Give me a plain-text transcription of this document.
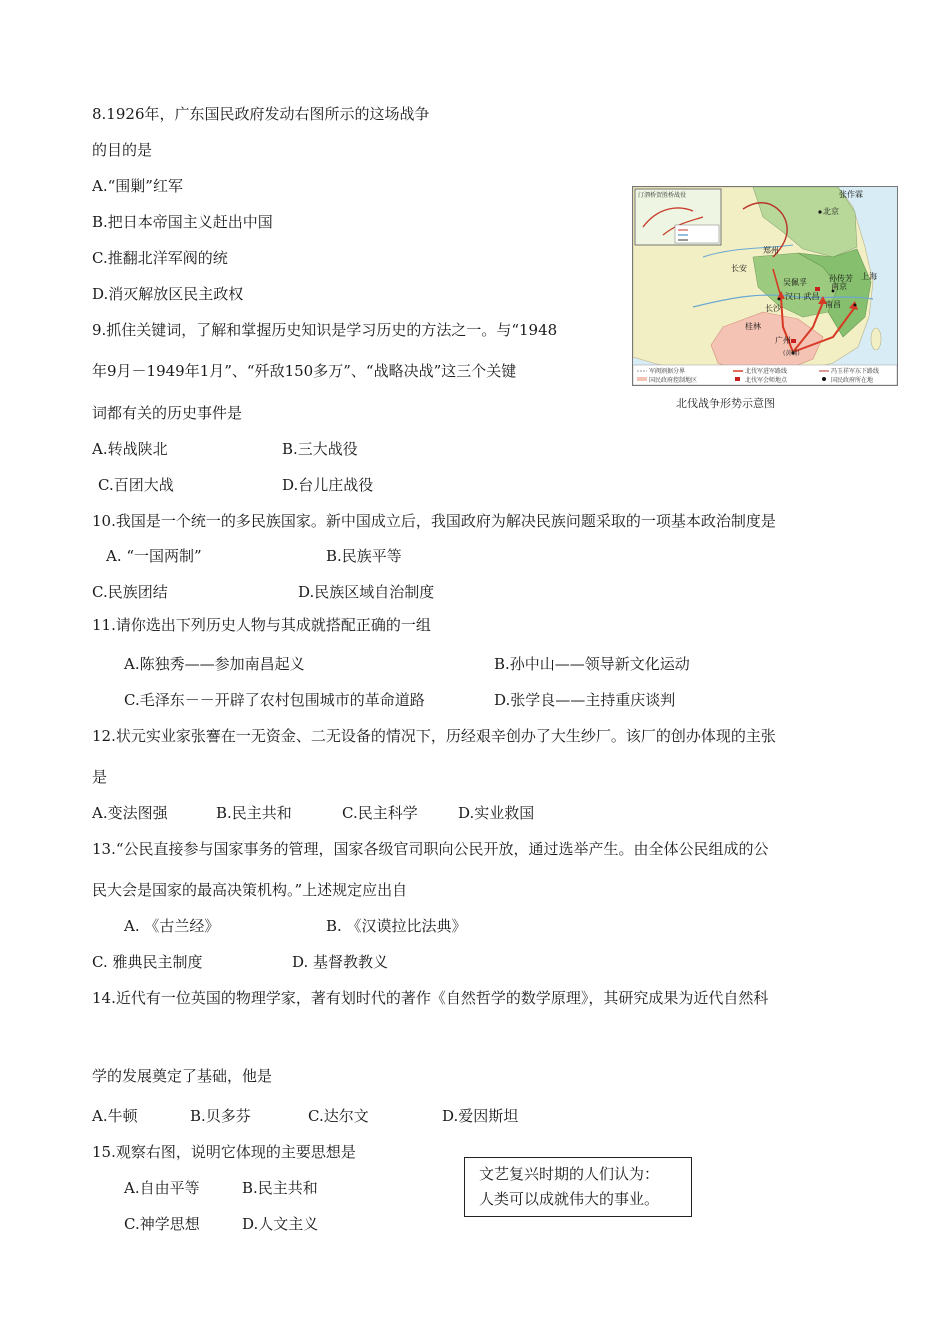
8.1926年，广东国民政府发动右图所示的这场战争
的目的是
A.“围剿”红军
B.把日本帝国主义赶出中国
C.推翻北洋军阀的统
D.消灭解放区民主政权
汀泗桥贺胜桥战役	张作霖
北京
吴佩孚	孙传芳 上海
南京
南昌
汉口 武昌
长沙
桂林
广州
郑州
长安
(黄埔)
军阀割据分界
国民政府控制地区
北伐军进军路线
北伐军会师地点
冯玉祥军东下路线
国民政府所在地
北伐战争形势示意图
9.抓住关键词，了解和掌握历史知识是学习历史的方法之一。与“1948
年9月－1949年1月”、“歼敌150多万”、“战略决战”这三个关键
词都有关的历史事件是
A.转战陕北	B.三大战役
C.百团大战	D.台儿庄战役
10.我国是一个统一的多民族国家。新中国成立后，我国政府为解决民族问题采取的一项基本政治制度是
A. “一国两制”	B.民族平等
C.民族团结	D.民族区域自治制度
11.请你选出下列历史人物与其成就搭配正确的一组
A.陈独秀——参加南昌起义	B.孙中山——领导新文化运动
C.毛泽东－－开辟了农村包围城市的革命道路	D.张学良——主持重庆谈判
12.状元实业家张謇在一无资金、二无设备的情况下，历经艰辛创办了大生纱厂。该厂的创办体现的主张
是
A.变法图强	B.民主共和	C.民主科学	D.实业救国
13.“公民直接参与国家事务的管理，国家各级官司职向公民开放，通过选举产生。由全体公民组成的公
民大会是国家的最高决策机构。”上述规定应出自
A. 《古兰经》	B. 《汉谟拉比法典》
C. 雅典民主制度	D. 基督教教义
14.近代有一位英国的物理学家，著有划时代的著作《自然哲学的数学原理》，其研究成果为近代自然科
学的发展奠定了基础，他是
A.牛顿	B.贝多芬	C.达尔文	D.爱因斯坦
15.观察右图，说明它体现的主要思想是
A.自由平等	B.民主共和
C.神学思想	D.人文主义
文艺复兴时期的人们认为：
人类可以成就伟大的事业。
